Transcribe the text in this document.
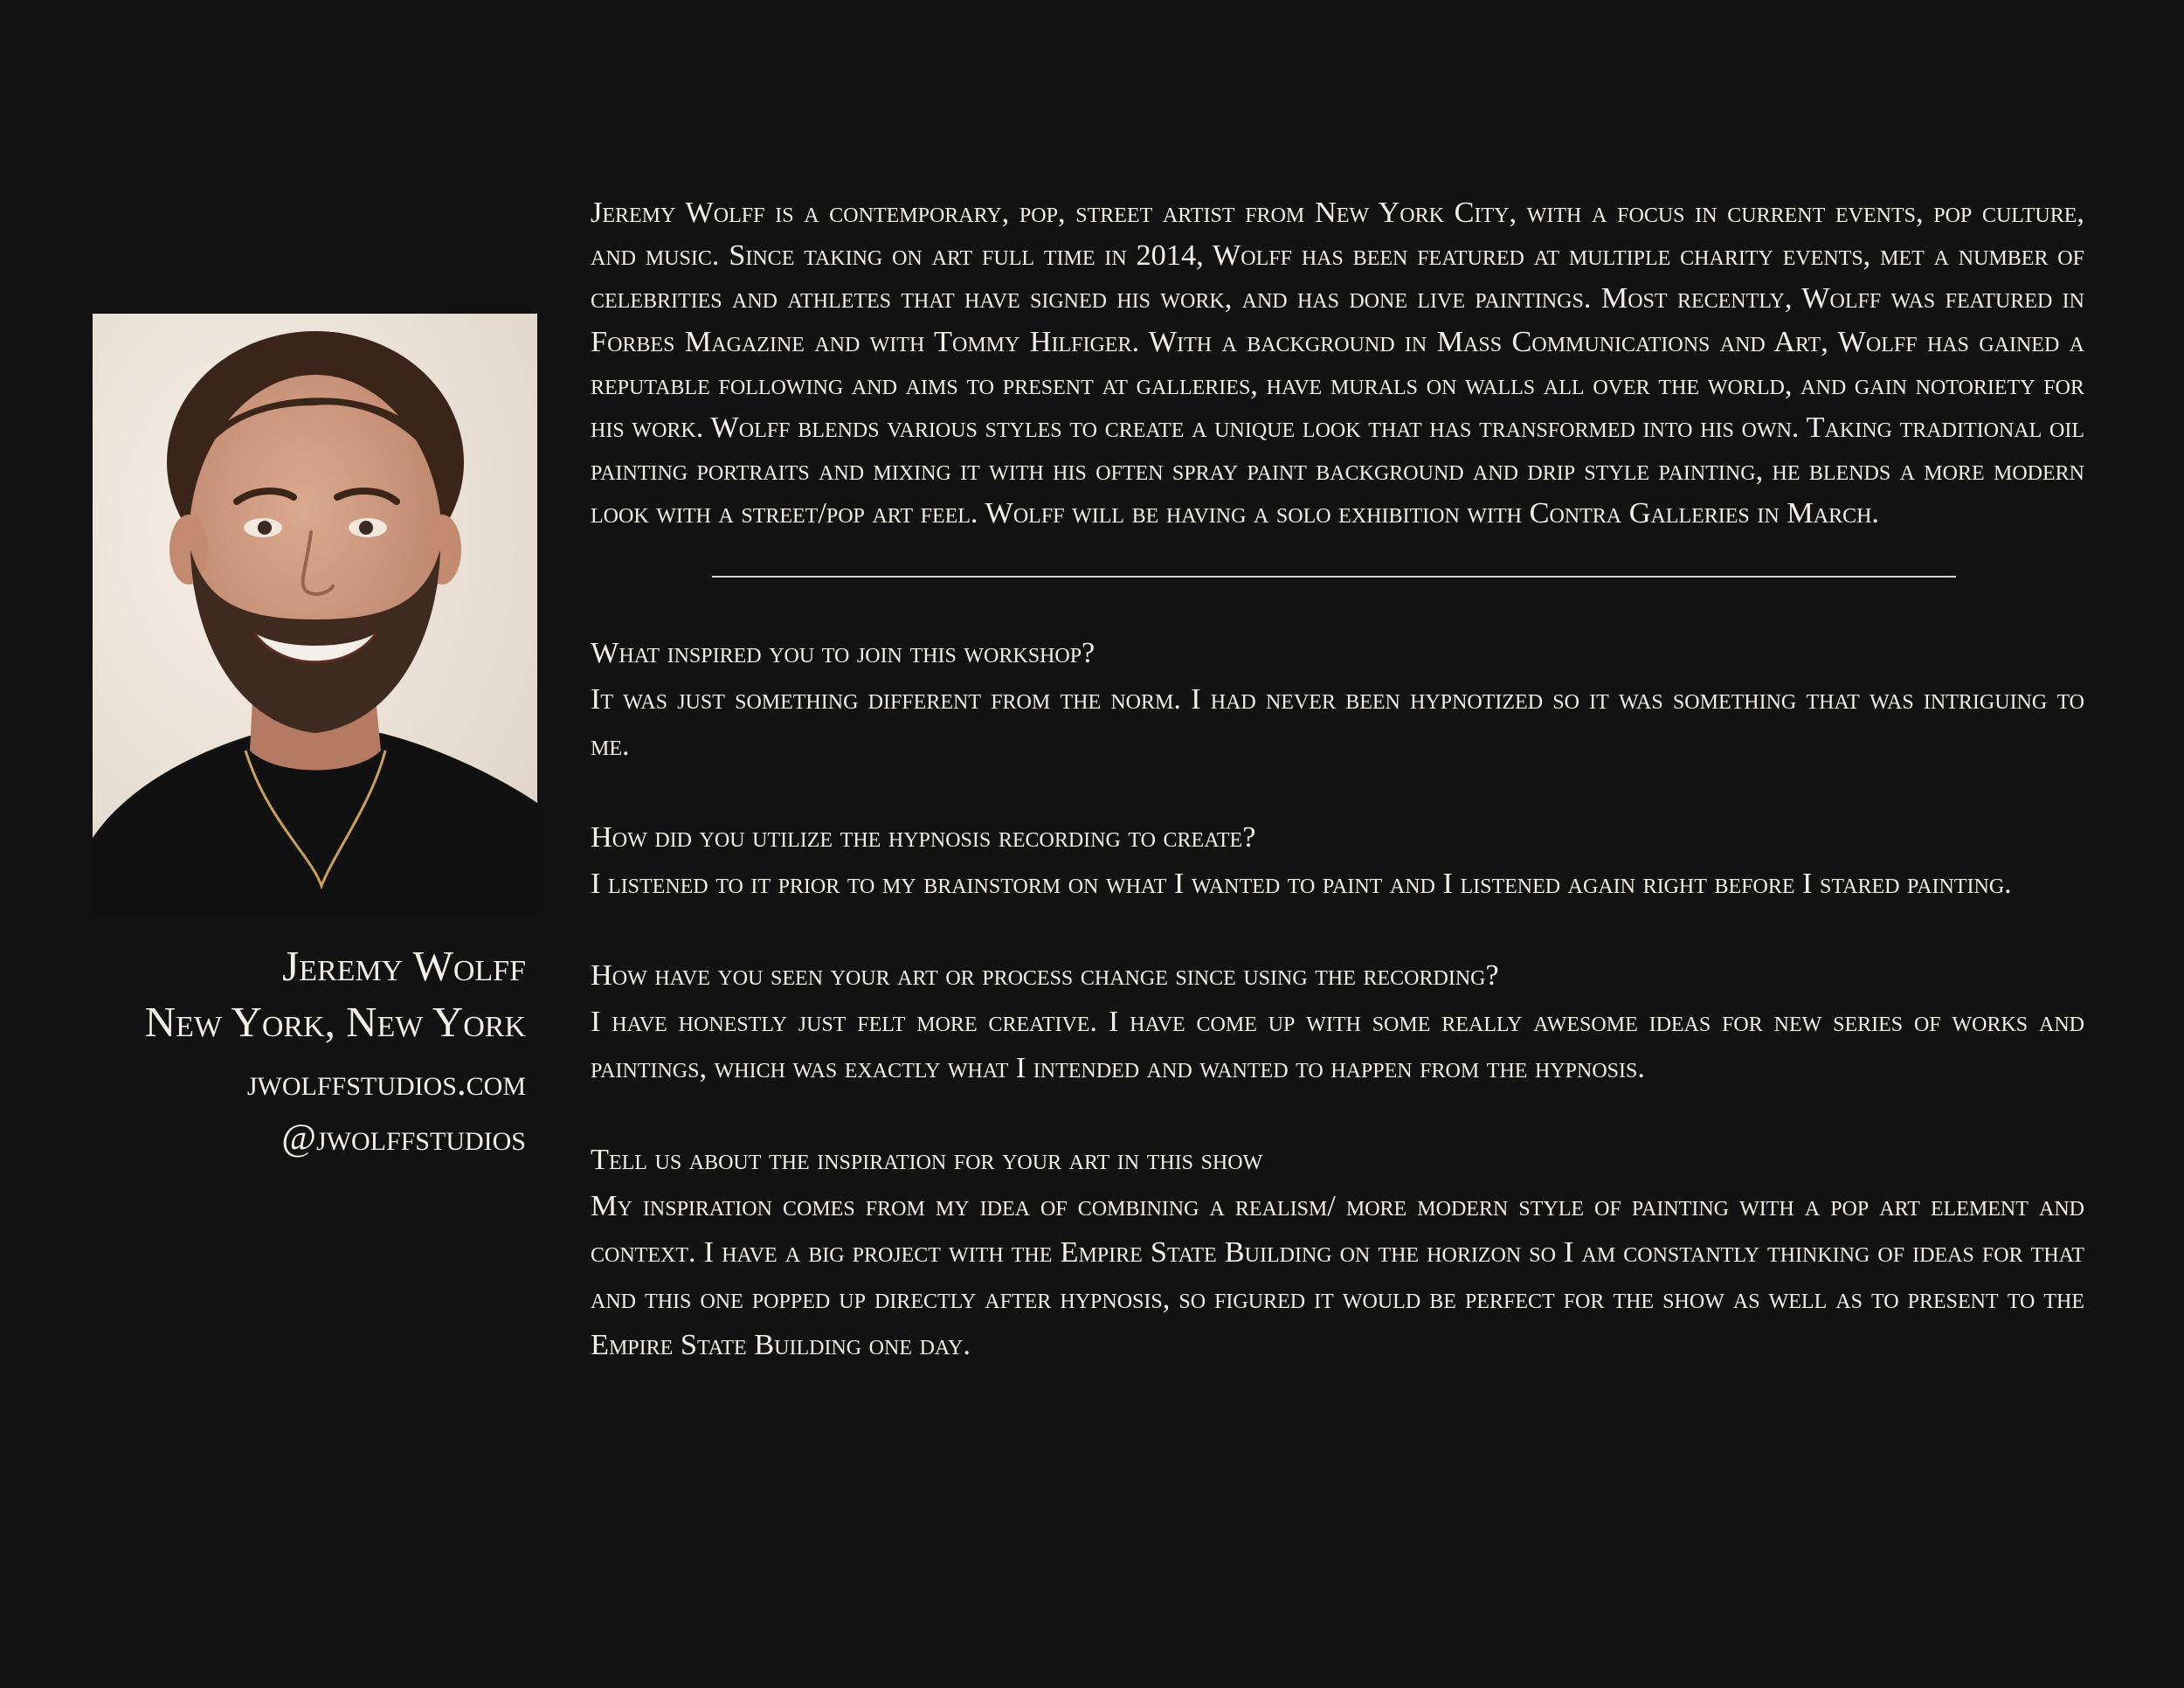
Jeremy Wolff
New York, New York
jwolffstudios.com
@jwolffstudios

Jeremy Wolff is a contemporary, pop, street artist from New York City, with a focus in current events, pop culture, and music. Since taking on art full time in 2014, Wolff has been featured at multiple charity events, met a number of celebrities and athletes that have signed his work, and has done live paintings. Most recently, Wolff was featured in Forbes Magazine and with Tommy Hilfiger. With a background in Mass Communications and Art, Wolff has gained a reputable following and aims to present at galleries, have murals on walls all over the world, and gain notoriety for his work. Wolff blends various styles to create a unique look that has transformed into his own. Taking traditional oil painting portraits and mixing it with his often spray paint background and drip style painting, he blends a more modern look with a street/pop art feel. Wolff will be having a solo exhibition with Contra Galleries in March.

What inspired you to join this workshop?

It was just something different from the norm. I had never been hypnotized so it was something that was intriguing to me.

How did you utilize the hypnosis recording to create?

I listened to it prior to my brainstorm on what I wanted to paint and I listened again right before I stared painting.

How have you seen your art or process change since using the recording?

I have honestly just felt more creative. I have come up with some really awesome ideas for new series of works and paintings, which was exactly what I intended and wanted to happen from the hypnosis.

Tell us about the inspiration for your art in this show

My inspiration comes from my idea of combining a realism/ more modern style of painting with a pop art element and context. I have a big project with the Empire State Building on the horizon so I am constantly thinking of ideas for that and this one popped up directly after hypnosis, so figured it would be perfect for the show as well as to present to the Empire State Building one day.
